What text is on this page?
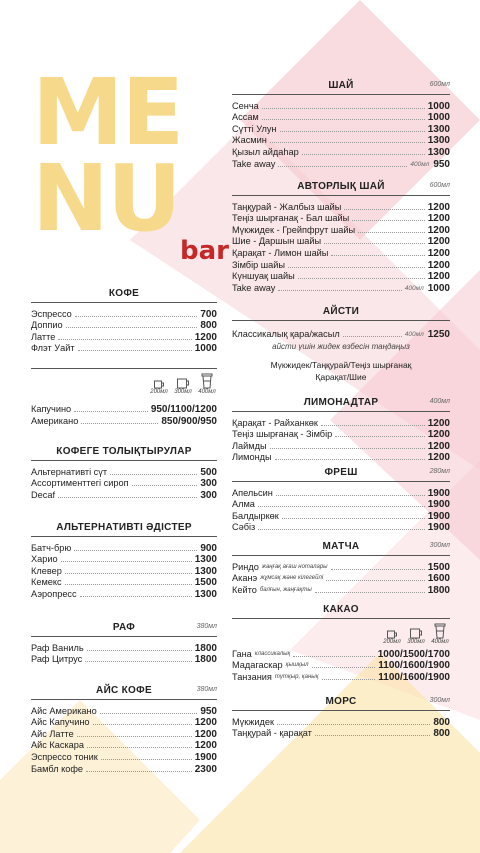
ME
NU bar
КОФЕ
Эспрессо	700
Доппио	800
Латте	1200
Флэт Уайт	1000
200мл 300мл 400мл
Капучино	950/1100/1200
Американо	850/900/950
КОФЕГЕ ТОЛЫҚТЫРУЛАР
Альтернативті сүт	500
Ассортименттегі сироп	300
Decaf	300
АЛЬТЕРНАТИВТІ ӘДІСТЕР
Батч-брю	900
Харио	1300
Клевер	1300
Кемекс	1500
Аэропресс	1300
РАФ	380мл
Раф Ваниль	1800
Раф Цитрус	1800
АЙС КОФЕ	380мл
Айс Американо	950
Айс Капучино	1200
Айс Латте	1200
Айс Каскара	1200
Эспрессо тоник	1900
Бамбл кофе	2300
ШАЙ	600мл
Сенча	1000
Ассам	1000
Сүтті Улун	1300
Жасмин	1300
Қызыл айдаһар	1300
Take away	400мл 950
АВТОРЛЫҚ ШАЙ	600мл
Таңқурай - Жалбыз шайы	1200
Теңіз шырғанақ - Бал шайы	1200
Мүкжидек - Грейпфрут шайы	1200
Шие - Даршын шайы	1200
Қарақат - Лимон шайы	1200
Зімбір шайы	1200
Күншуақ шайы	1200
Take away	400мл 1000
АЙСТИ
Классикалық қара/жасыл	400мл 1250
айсти үшін жидек өзбесін таңдаңыз
Мүкжидек/Таңқурай/Теңіз шырғанақ
Қарақат/Шие
ЛИМОНАДТАР	400мл
Қарақат - Райханкөк	1200
Теңіз шырғанақ - Зімбір	1200
Лаймды	1200
Лимонды	1200
ФРЕШ	280мл
Апельсин	1900
Алма	1900
Балдыркөк	1900
Сәбіз	1900
МАТЧА	300мл
Риндо жаңғақ ағаш ноталары	1500
Аканэ жұмсақ және кілегейлі	1600
Кейто балғын, жаңғақты	1800
КАКАО
200мл 300мл 400мл
Гана классикалық	1000/1500/1700
Мадагаскар қышқыл	1100/1600/1900
Танзания түтқыр, қанық	1100/1600/1900
МОРС	300мл
Мүкжидек	800
Таңқурай - қарақат	800
